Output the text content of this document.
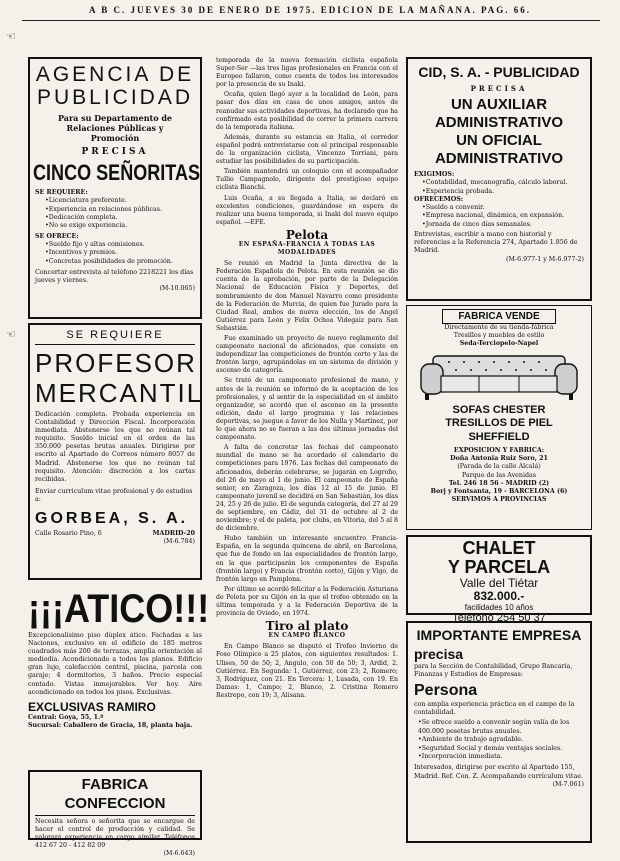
A B C. JUEVES 30 DE ENERO DE 1975. EDICION DE LA MAÑANA. PAG. 66.
☜
☜
AGENCIA DE
PUBLICIDAD
Para su Departamento de Relaciones Públicas y Promoción
PRECISA
CINCO SEÑORITAS
SE REQUIERE:
• Licenciatura preferente.
• Experiencia en relaciones públicas.
• Dedicación completa.
• No se exige experiencia.
SE OFRECE:
• Sueldo fijo y altas comisiones.
• Incentivos y premios.
• Concretas posibilidades de promoción.
Concertar entrevista al teléfono 2218221 los días jueves y viernes.
(M-10.065)
SE REQUIERE
PROFESOR
MERCANTIL
Dedicación completa. Probada experiencia en Contabilidad y Dirección Fiscal. Incorporación inmediata. Abstenerse los que no reúnan tal requisito. Sueldo inicial en el orden de las 350.000 pesetas brutas anuales. Dirigirse por escrito al Apartado de Correos número 8057 de Madrid. Abstenerse los que no reúnan tal requisito. Atención: discreción a los cartas recibidas.
Enviar curriculum vitae profesional y de estudios a:
GORBEA, S. A.
Calle Rosario Pino, 6	MADRID-20
(M-6.784)
¡¡¡ATICO!!!
Excepcionalísimo piso dúplex ático. Fachadas a las Naciones, exclusivo en el edificio de 185 metros cuadrados más 200 de terrazas, amplia orientación al mediodía. Acondicionado a todos los planos. Edificio gran lujo, calefacción central, piscina, parcela con garaje; 4 dormitorios, 3 baños. Precio especial contado. Vistas inmejorables. Ver hoy. Aire acondicionado en todos los pisos. Exclusivas.
EXCLUSIVAS RAMIRO
Central: Goya, 55, 1.º
Sucursal: Caballero de Gracia, 18, planta baja.
FABRICA CONFECCION
Necesita señora o señorita que se encargue de hacer el control de producción y calidad. Se valorará experiencia en cargo similar. Teléfonos 412 67 20 - 412 82 09
(M-6.643)

temporada de la nueva formación ciclista española Super-Ser —las tres ligas profesionales en Francia con el Europeo fallaron, como cuenta de todos los interesados por la presencia de su Inaki.

Ocaña, quien llegó ayer a la localidad de León, para pasar dos días en casa de unos amigos, antes de reanudar sus actividades deportivas, ha declarado que ha confirmado esta posibilidad de correr la primera carrera de la temporada italiana.

Además, durante su estancia en Italia, el corredor español podrá entrevistarse con el principal responsable de la organización ciclista, Vincenzo Torriani, para estudiar las posibilidades de su participación.

También mantendrá un coloquio con el acompañador Tullio Campagnolo, dirigente del prestigioso equipo ciclista Bianchi.

Luis Ocaña, a su llegada a Italia, se declaró en excelentes condiciones, guardándose en espera de realizar una buena temporada, si Inaki del nuevo equipo español. —EFE.

Pelota
EN ESPAÑA-FRANCIA A TODAS LAS MODALIDADES

Se reunió en Madrid la Junta directiva de la Federación Española de Pelota. En esta reunión se dio cuenta de la aprobación, por parte de la Delegación Nacional de Educación Física y Deportes, del nombramiento de don Manuel Navarro como presidente de la Federación de Murcia, de quien fue Jurado para la Ciudad Real, ambos de nueva elección, los de Angel Gutiérrez para León y Felix Ochoa Videgaiz para San Sebastián.

Fue examinado un proyecto de nuevo reglamento del campeonato nacional de aficionados, que consiste en independizar las competiciones de frontón corto y las de frontón largo, agrupándolas en un sistema de división y ascenso de categoría.

Se trató de un campeonato profesional de mano, y antes de la reunión se informó de la aceptación de los profesionales, y al sentir de la especialidad en el ámbito organizador, se acordó que el ascenso en la presente edición, dado el largo programa y las relaciones deportivas, se juegue a favor de los Nulla y Martínez, por lo que ahora no se fueran a las dos últimas jornadas del campeonato.

A falta de concretar las fechas del campeonato mundial de mano se ha acordado el calendario de competiciones para 1976. Las fechas del campeonato de aficionados, deberán celebrarse, se jugarán en Logroño, del 26 de mayo al 1 de junio. El campeonato de España senior, en Zaragoza, los días 12 al 15 de junio. El campeonato juvenil se decidirá en San Sebastián, los días 24, 25 y 26 de julio. El de segunda categoría, del 27 al 29 de septiembre, en Cádiz, del 31 de octubre al 2 de noviembre; y el de paleta, por clubs, en Vitoria, del 5 al 8 de diciembre.

Hubo también un interesante encuentro Francia-España, en la segunda quincena de abril, en Barcelona, que fue de fondo en las especialidades de frontón largo, en la que participarán los componentes de España (frontón largo) y Francia (frontón corto), Gijón y Vigo, de frontón largo en Pamplona.

Por último se acordó felicitar a la Federación Asturiana de Pelota por su Gijón en la que el trofeo obtenido en la última temporada y a la Federación Deportiva de la provincia de Oviedo, en 1974.

Tiro al plato
EN CAMPO BLANCO

En Campo Blanco se disputó el Trofeo Invierno de Foso Olímpico a 25 platos, con siguientes resultados: 1. Ulises, 50 de 50; 2, Angulo, con 50 de 50; 3, Ardid, 2. Gutiérrez. En Segunda: 1, Gutiérrez, con 23; 2, Romero; 3, Rodríguez, con 21. En Tercera: 1, Lusada, con 19. En Damas: 1, Campo; 2, Blanco, 2. Cristina Romero Restrepo, con 19; 3, Alisana.

CID, S. A. - PUBLICIDAD
PRECISA
UN AUXILIAR
ADMINISTRATIVO
UN OFICIAL
ADMINISTRATIVO
EXIGIMOS:
• Contabilidad, mecanografía, cálculo laboral.
• Experiencia probada.
OFRECEMOS:
• Sueldo a convenir.
• Empresa nacional, dinámica, en expansión.
• Jornada de cinco días semanales.
Entrevistas, escribir a mano con historial y referencias a la Referencia 274, Apartado 1.856 de Madrid.
(M-6.977-1 y M-6.977-2)
FABRICA VENDE
Directamente de su tienda-fábrica
Tresillos y muebles de estilo
Seda-Terciopelo-Napel
SOFAS CHESTER
TRESILLOS DE PIEL
SHEFFIELD
EXPOSICION Y FABRICA:
Doña Antonia Ruiz Soro, 21
(Parada de la calle Alcalá)
Parque de las Avenidas
Tel. 246 18 56 - MADRID (2)
Borj y Fontsanta, 19 - BARCELONA (6)
SERVIMOS A PROVINCIAS
CHALET
Y PARCELA
Valle del Tiétar
832.000.-
facilidades 10 años
Teléfono 254 50 37
IMPORTANTE EMPRESA
precisa
para la Sección de Contabilidad, Grupo Bancaria, Finanzas y Estudios de Empresas:
Persona
con amplia experiencia práctica en el campo de la contabilidad.
• Se ofrece sueldo a convenir según valía de los 400.000 pesetas brutas anuales.
• Ambiente de trabajo agradable.
• Seguridad Social y demás ventajas sociales.
• Incorporación inmediata.
Interesados, dirigirse por escrito al Apartado 155, Madrid. Ref. Con. Z. Acompañando currículum vitae.
(M-7.061)
